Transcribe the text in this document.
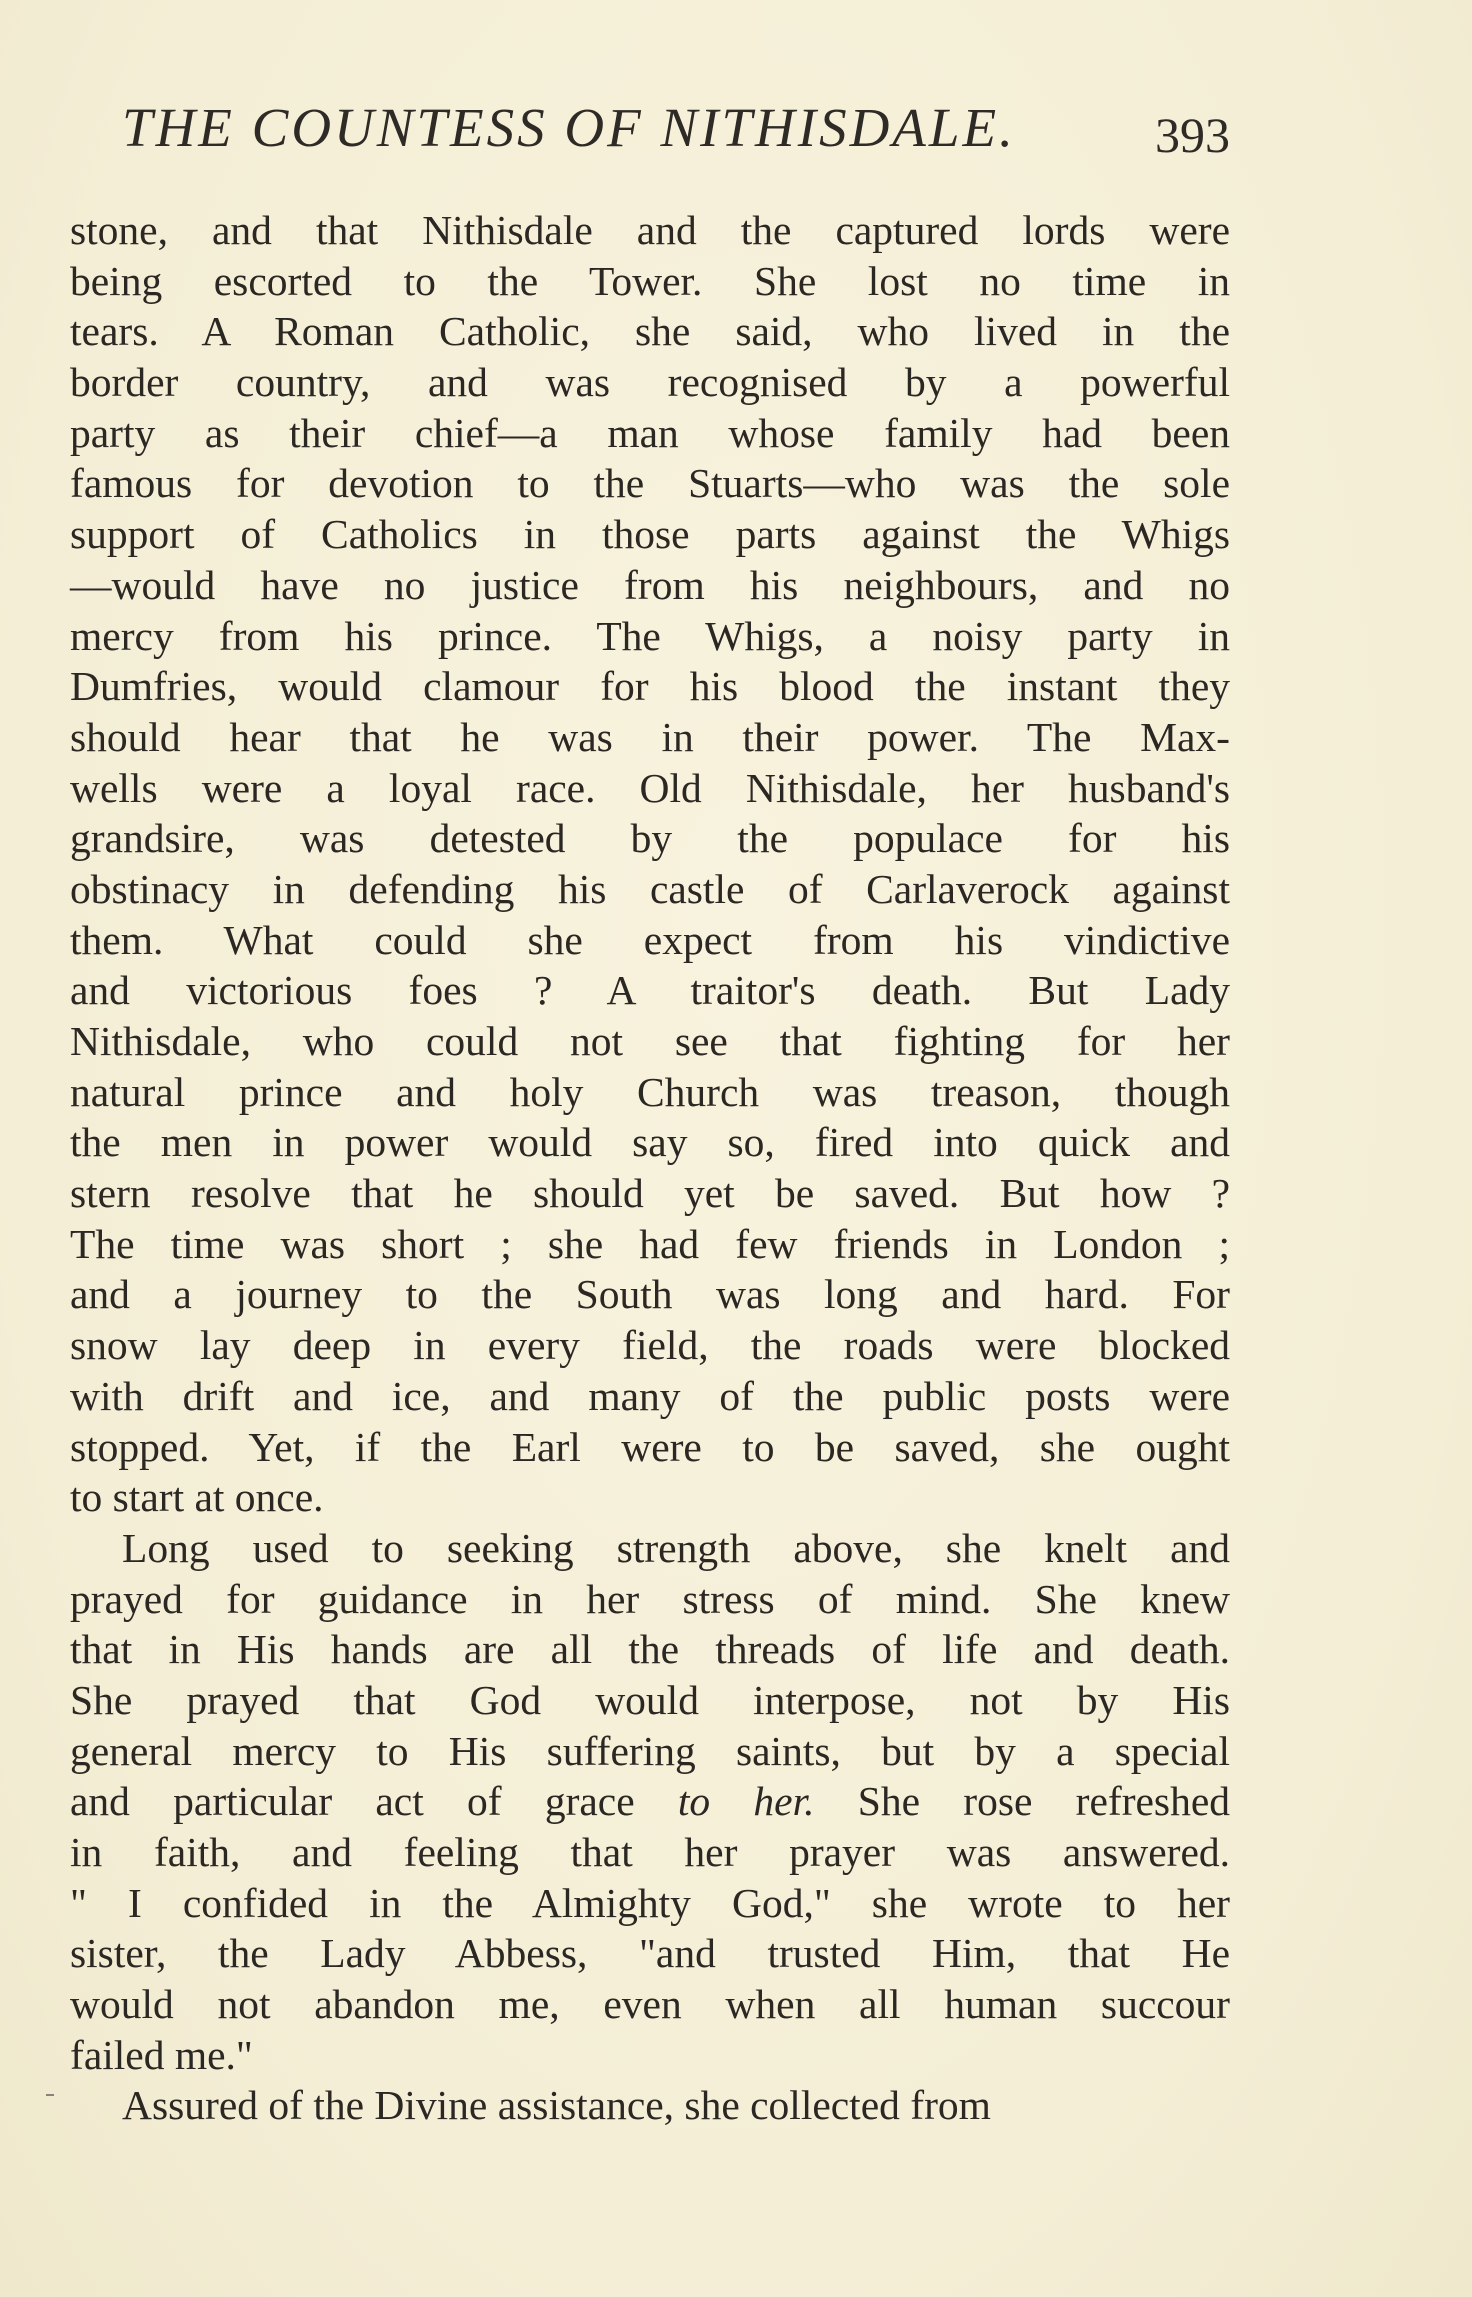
THE COUNTESS OF NITHISDALE.	393
stone, and that Nithisdale and the captured lords were
being escorted to the Tower. She lost no time in
tears. A Roman Catholic, she said, who lived in the
border country, and was recognised by a powerful
party as their chief—a man whose family had been
famous for devotion to the Stuarts—who was the sole
support of Catholics in those parts against the Whigs
—would have no justice from his neighbours, and no
mercy from his prince. The Whigs, a noisy party in
Dumfries, would clamour for his blood the instant they
should hear that he was in their power. The Max-
wells were a loyal race. Old Nithisdale, her husband's
grandsire, was detested by the populace for his
obstinacy in defending his castle of Carlaverock against
them. What could she expect from his vindictive
and victorious foes ? A traitor's death. But Lady
Nithisdale, who could not see that fighting for her
natural prince and holy Church was treason, though
the men in power would say so, fired into quick and
stern resolve that he should yet be saved. But how ?
The time was short ; she had few friends in London ;
and a journey to the South was long and hard. For
snow lay deep in every field, the roads were blocked
with drift and ice, and many of the public posts were
stopped. Yet, if the Earl were to be saved, she ought
to start at once.
Long used to seeking strength above, she knelt and
prayed for guidance in her stress of mind. She knew
that in His hands are all the threads of life and death.
She prayed that God would interpose, not by His
general mercy to His suffering saints, but by a special
and particular act of grace to her. She rose refreshed
in faith, and feeling that her prayer was answered.
" I confided in the Almighty God," she wrote to her
sister, the Lady Abbess, "and trusted Him, that He
would not abandon me, even when all human succour
failed me."
Assured of the Divine assistance, she collected from
